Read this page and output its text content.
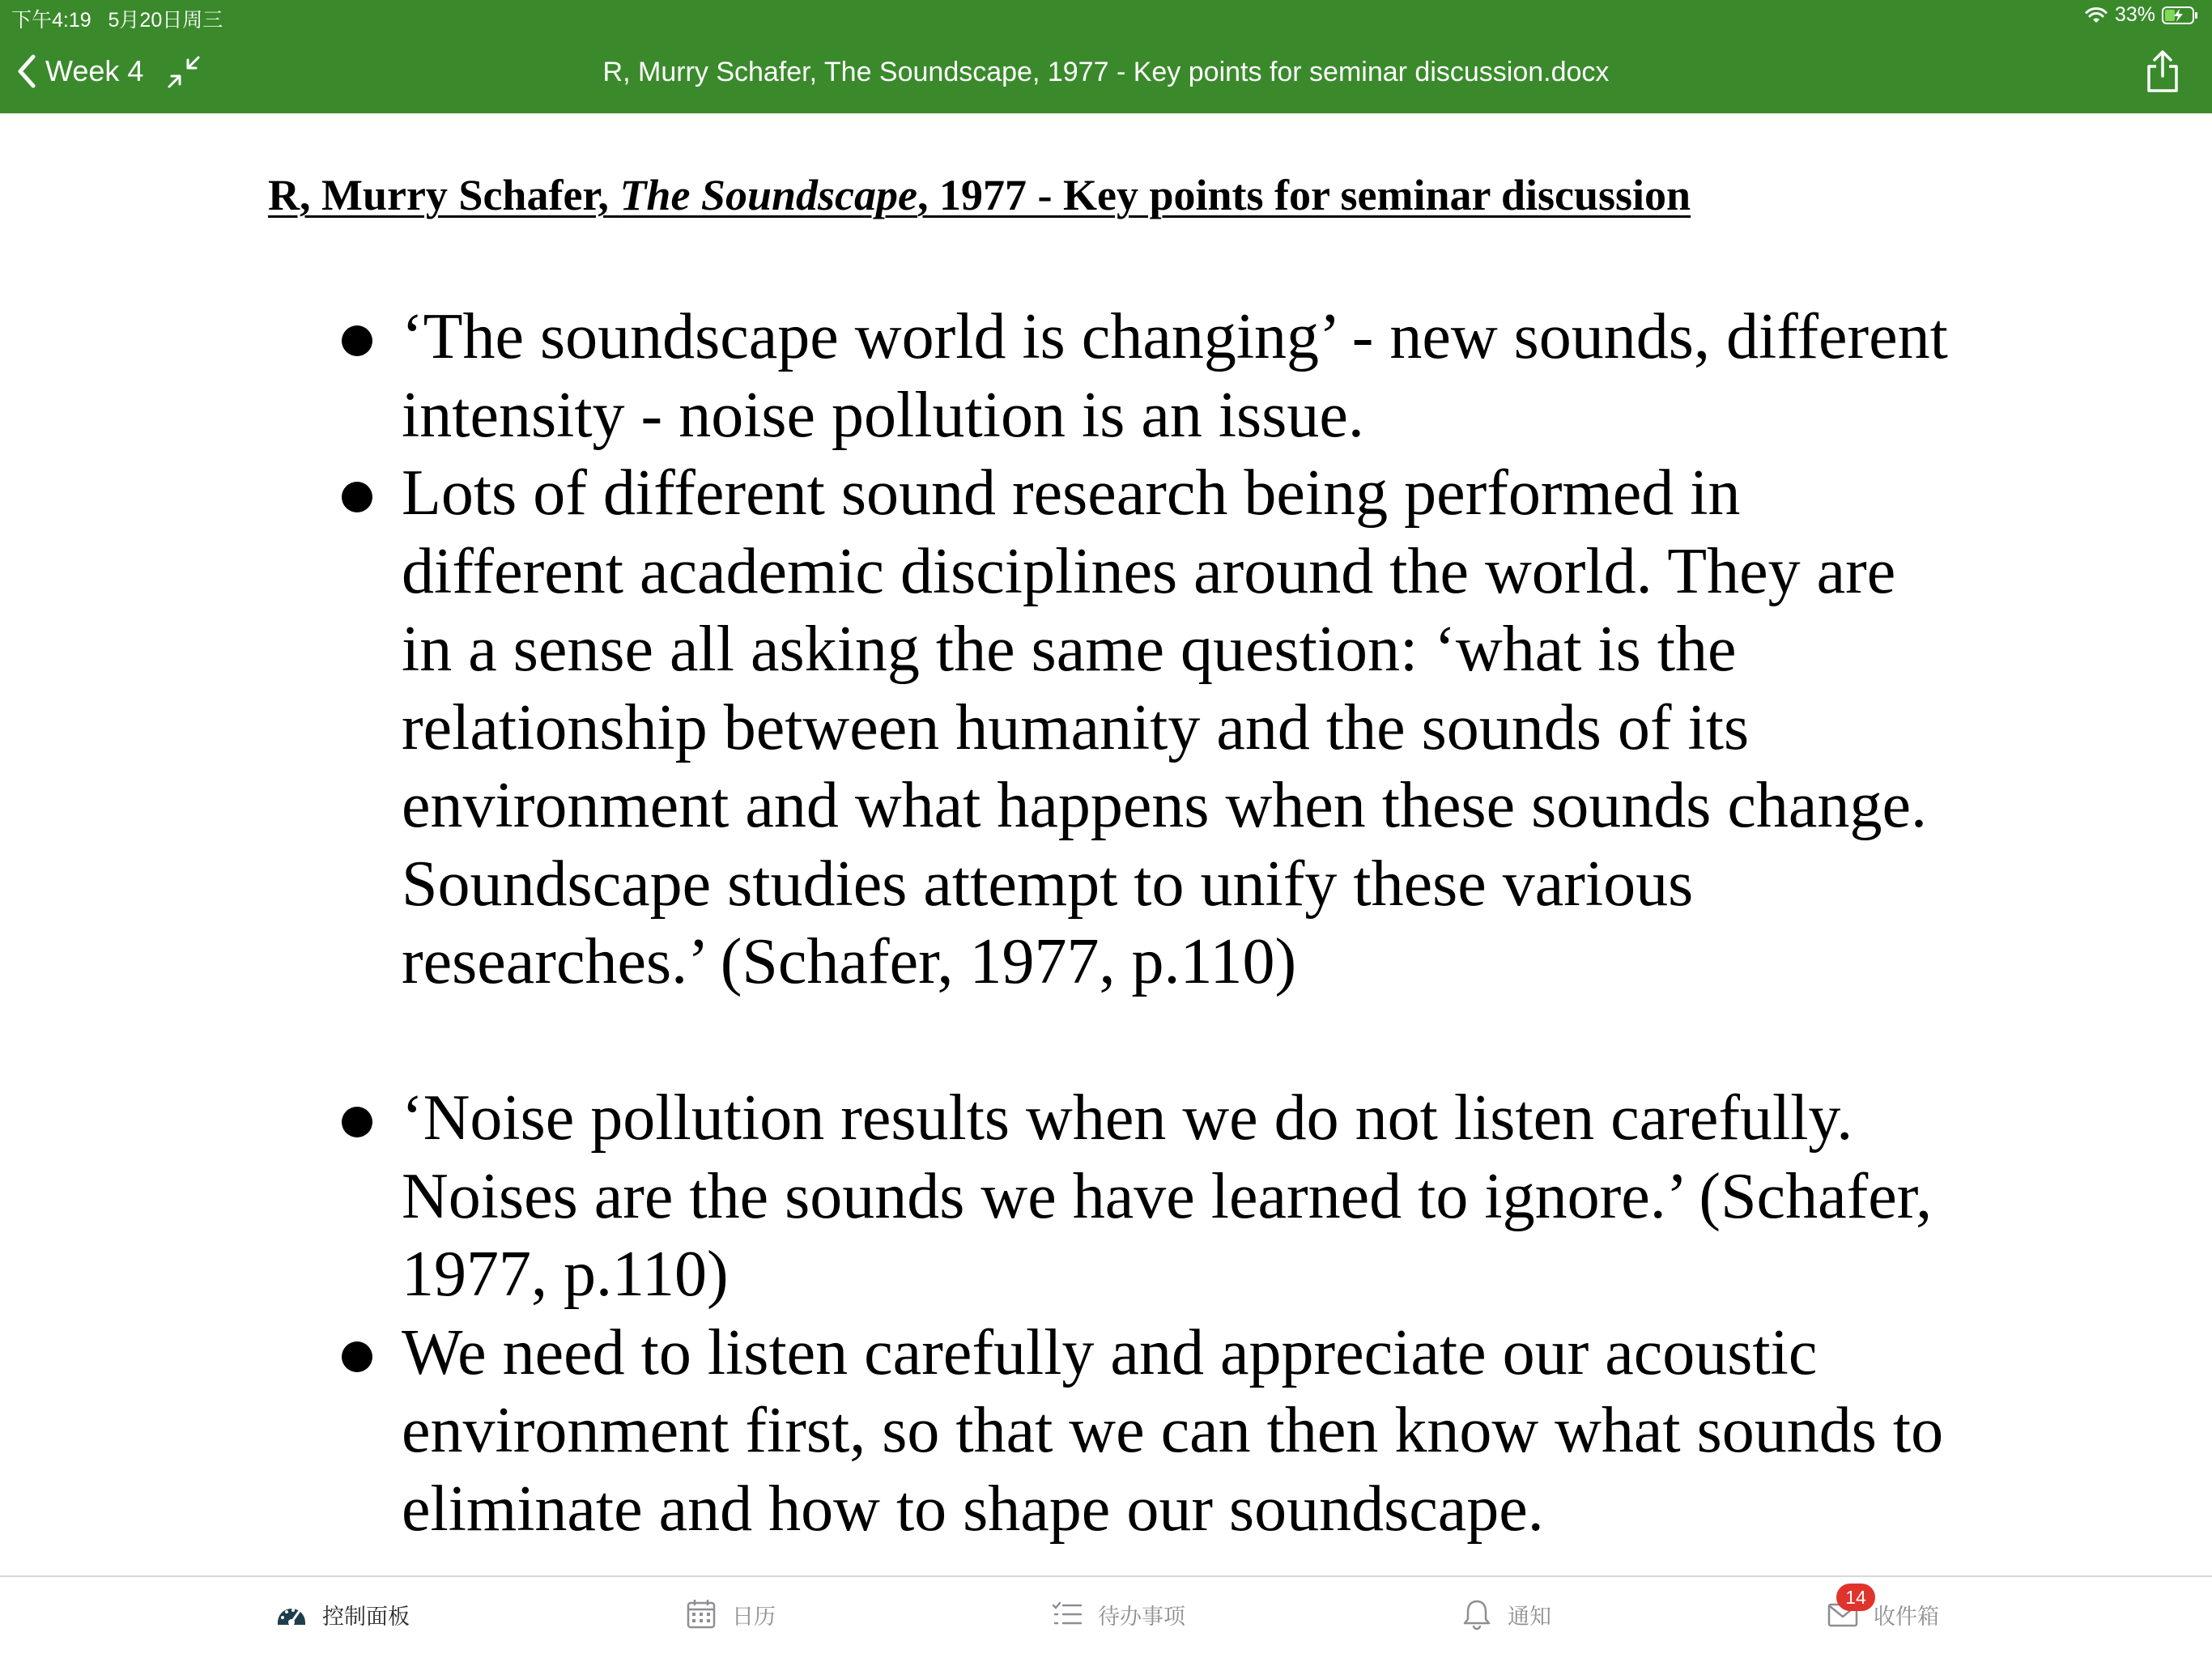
下午4:19 5月20日周三	33%
Week 4	R, Murry Schafer, The Soundscape, 1977 - Key points for seminar discussion.docx
R, Murry Schafer, The Soundscape, 1977 - Key points for seminar discussion
‘The soundscape world is changing’ - new sounds, different intensity - noise pollution is an issue.
Lots of different sound research being performed in different academic disciplines around the world. They are in a sense all asking the same question: ‘what is the relationship between humanity and the sounds of its environment and what happens when these sounds change. Soundscape studies attempt to unify these various researches.’ (Schafer, 1977, p.110)
‘Noise pollution results when we do not listen carefully. Noises are the sounds we have learned to ignore.’ (Schafer, 1977, p.110)
We need to listen carefully and appreciate our acoustic environment first, so that we can then know what sounds to eliminate and how to shape our soundscape.
控制面板	日历	待办事项	通知	收件箱
14
